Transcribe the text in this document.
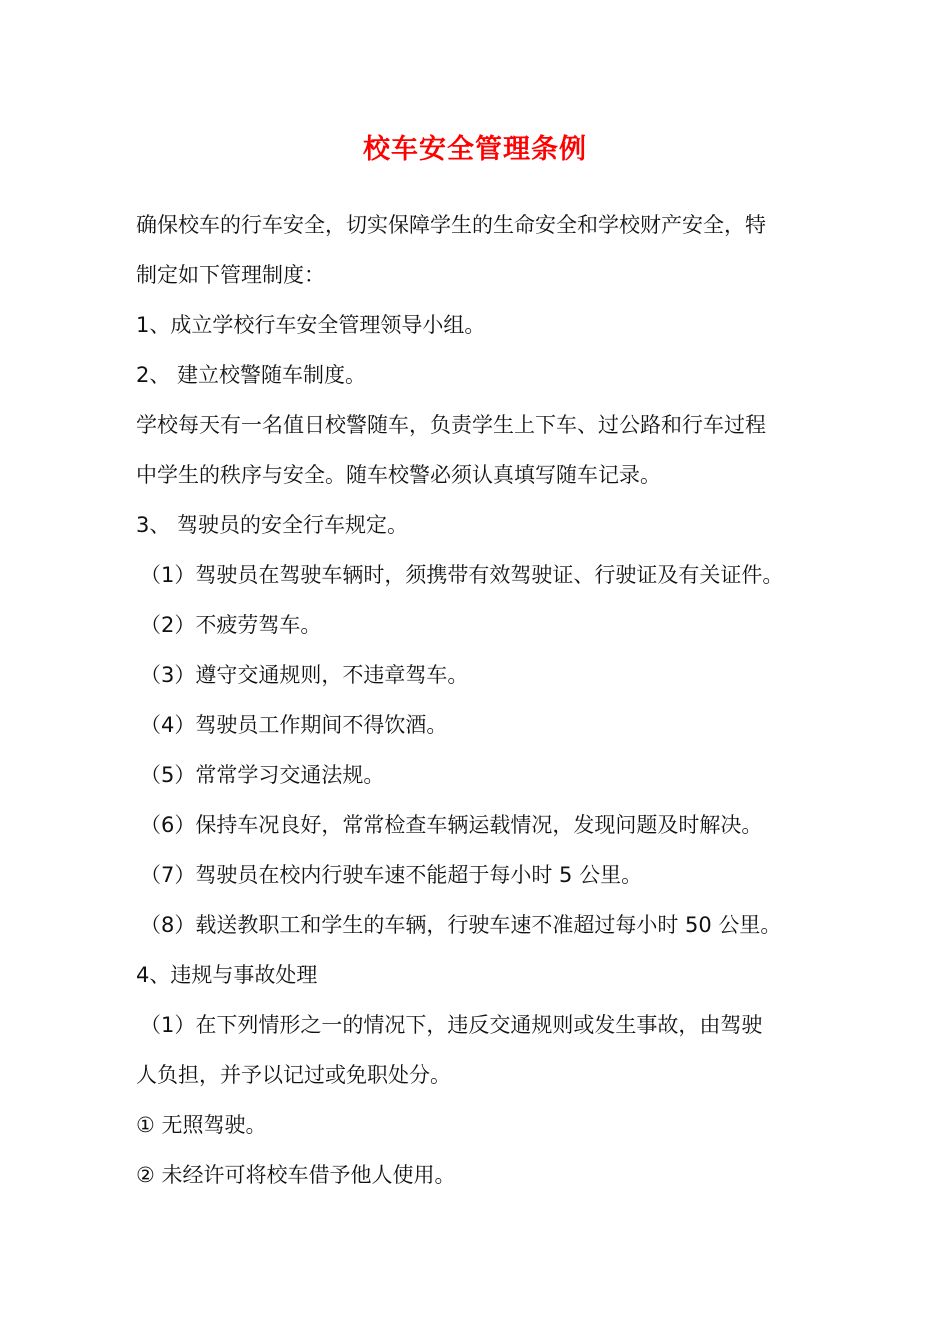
校车安全管理条例
确保校车的行车安全，切实保障学生的生命安全和学校财产安全，特
制定如下管理制度：
1、成立学校行车安全管理领导小组。
2、 建立校警随车制度。
学校每天有一名值日校警随车，负责学生上下车、过公路和行车过程
中学生的秩序与安全。随车校警必须认真填写随车记录。
3、 驾驶员的安全行车规定。
（1）驾驶员在驾驶车辆时，须携带有效驾驶证、行驶证及有关证件。
（2）不疲劳驾车。
（3）遵守交通规则，不违章驾车。
（4）驾驶员工作期间不得饮酒。
（5）常常学习交通法规。
（6）保持车况良好，常常检查车辆运载情况，发现问题及时解决。
（7）驾驶员在校内行驶车速不能超于每小时 5 公里。
（8）载送教职工和学生的车辆，行驶车速不准超过每小时 50 公里。
4、违规与事故处理
（1）在下列情形之一的情况下，违反交通规则或发生事故，由驾驶
人负担，并予以记过或免职处分。
① 无照驾驶。
② 未经许可将校车借予他人使用。
